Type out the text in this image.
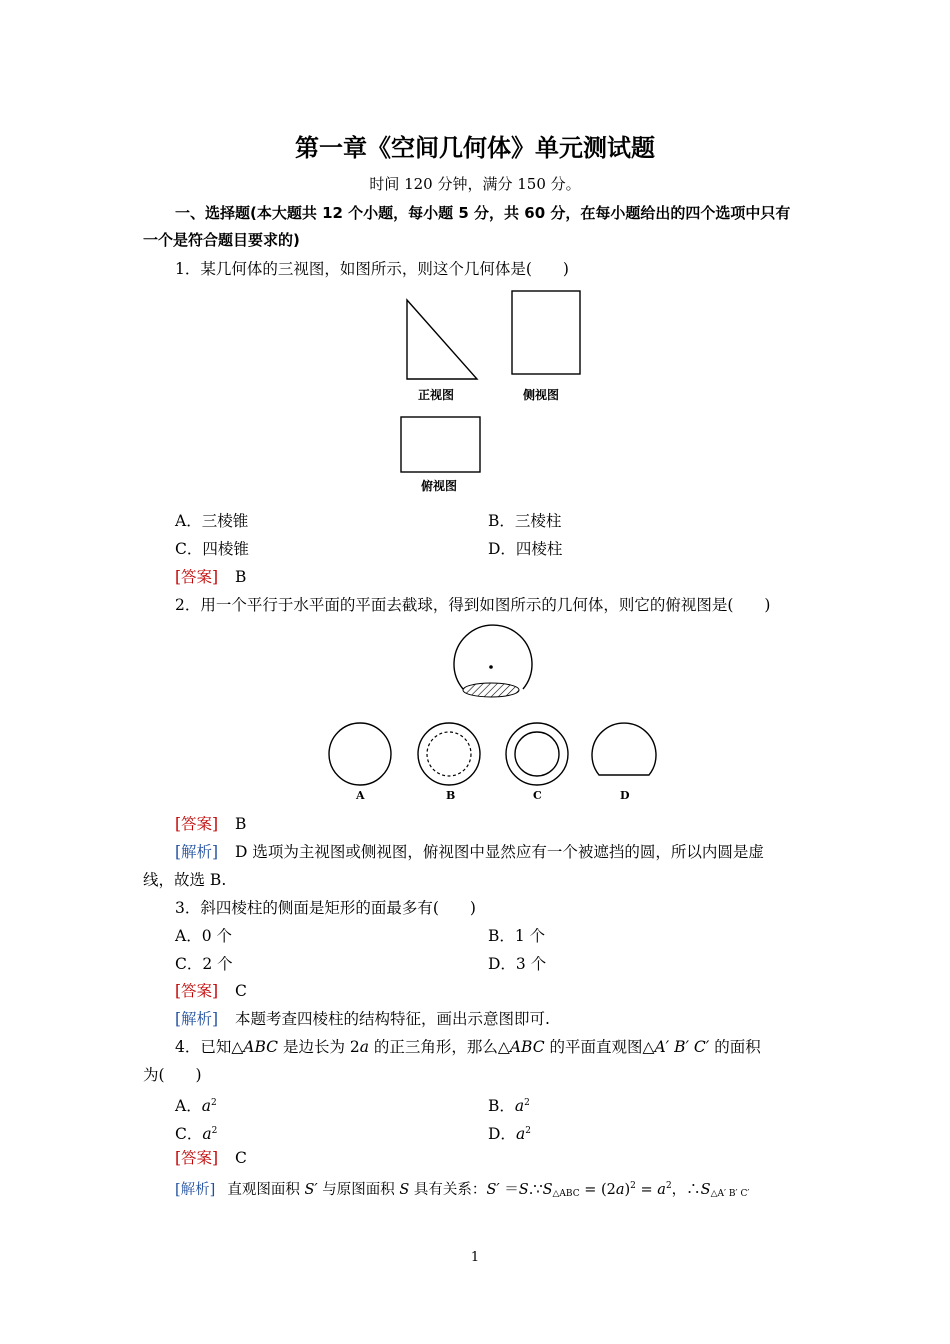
第一章《空间几何体》单元测试题
时间 120 分钟，满分 150 分。
一、选择题(本大题共 12 个小题，每小题 5 分，共 60 分，在每小题给出的四个选项中只有
一个是符合题目要求的)
1．某几何体的三视图，如图所示，则这个几何体是(　　)
正视图	侧视图
俯视图
A．三棱锥	B．三棱柱
C．四棱锥	D．四棱柱
[答案] B
2．用一个平行于水平面的平面去截球，得到如图所示的几何体，则它的俯视图是(　　)
A	B	C	D
[答案] B
[解析] D 选项为主视图或侧视图，俯视图中显然应有一个被遮挡的圆，所以内圆是虚
线，故选 B.
3．斜四棱柱的侧面是矩形的面最多有(　　)
A．0 个	B．1 个
C．2 个	D．3 个
[答案] C
[解析] 本题考查四棱柱的结构特征，画出示意图即可.
4．已知△ABC 是边长为 2a 的正三角形，那么△ABC 的平面直观图△A′ B′ C′ 的面积
为(　　)
A．$a^2$	B．$a^2$
C．$a^2$	D．$a^2$
[答案] C
[解析] 直观图面积 S′ 与原图面积 S 具有关系：$S' =S.\because S_{\triangle ABC} = (2a)^2 = a^2$，$\therefore S_{\triangle A' B' C'}$
1
